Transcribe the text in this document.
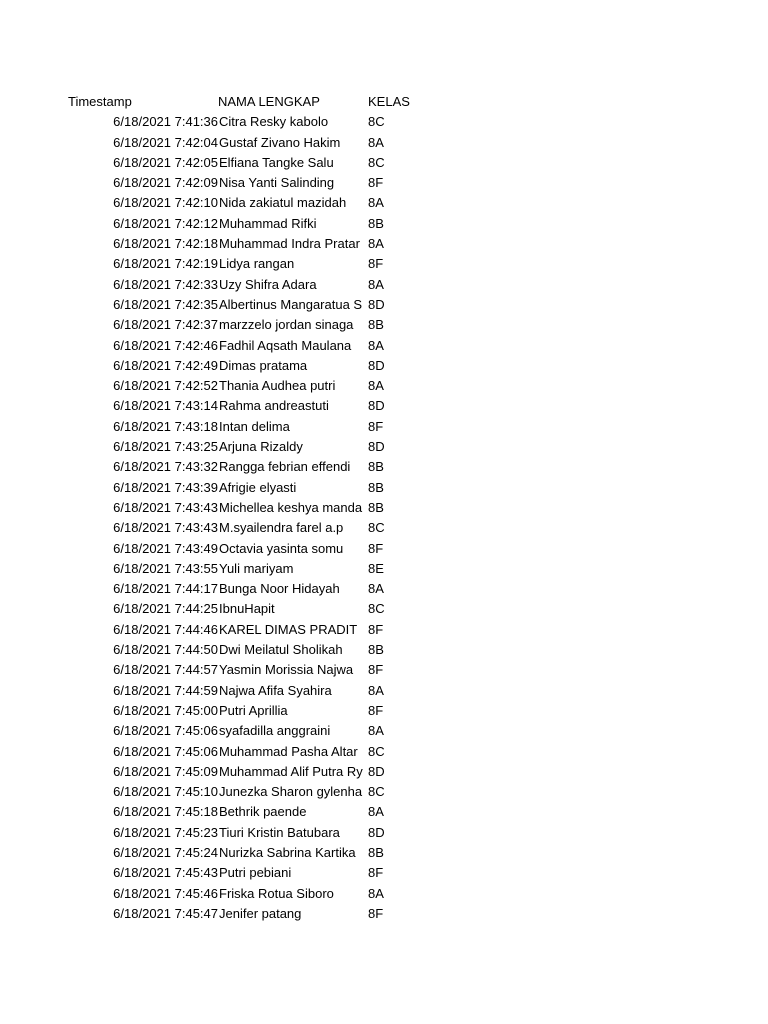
Timestamp	NAMA LENGKAP	KELAS
6/18/2021 7:41:36 Citra Resky kabolo	8C
6/18/2021 7:42:04 Gustaf Zivano Hakim	8A
6/18/2021 7:42:05 Elfiana Tangke Salu	8C
6/18/2021 7:42:09 Nisa Yanti Salinding	8F
6/18/2021 7:42:10 Nida zakiatul mazidah	8A
6/18/2021 7:42:12 Muhammad Rifki	8B
6/18/2021 7:42:18 Muhammad Indra Pratar 8A
6/18/2021 7:42:19 Lidya rangan	8F
6/18/2021 7:42:33 Uzy Shifra Adara	8A
6/18/2021 7:42:35 Albertinus Mangaratua S 8D
6/18/2021 7:42:37 marzzelo jordan sinaga	8B
6/18/2021 7:42:46 Fadhil Aqsath Maulana	8A
6/18/2021 7:42:49 Dimas pratama	8D
6/18/2021 7:42:52 Thania Audhea putri	8A
6/18/2021 7:43:14 Rahma andreastuti	8D
6/18/2021 7:43:18 Intan delima	8F
6/18/2021 7:43:25 Arjuna Rizaldy	8D
6/18/2021 7:43:32 Rangga febrian effendi	8B
6/18/2021 7:43:39 Afrigie elyasti	8B
6/18/2021 7:43:43 Michellea keshya manda 8B
6/18/2021 7:43:43 M.syailendra farel a.p	8C
6/18/2021 7:43:49 Octavia yasinta somu	8F
6/18/2021 7:43:55 Yuli mariyam	8E
6/18/2021 7:44:17 Bunga Noor Hidayah	8A
6/18/2021 7:44:25 IbnuHapit	8C
6/18/2021 7:44:46 KAREL DIMAS PRADIT 8F
6/18/2021 7:44:50 Dwi Meilatul Sholikah	8B
6/18/2021 7:44:57 Yasmin Morissia Najwa	8F
6/18/2021 7:44:59 Najwa Afifa Syahira	8A
6/18/2021 7:45:00 Putri Aprillia	8F
6/18/2021 7:45:06 syafadilla anggraini	8A
6/18/2021 7:45:06 Muhammad Pasha Altar 8C
6/18/2021 7:45:09 Muhammad Alif Putra Ry 8D
6/18/2021 7:45:10 Junezka Sharon gylenha 8C
6/18/2021 7:45:18 Bethrik paende	8A
6/18/2021 7:45:23 Tiuri Kristin Batubara	8D
6/18/2021 7:45:24 Nurizka Sabrina Kartika 8B
6/18/2021 7:45:43 Putri pebiani	8F
6/18/2021 7:45:46 Friska Rotua Siboro	8A
6/18/2021 7:45:47 Jenifer patang	8F
